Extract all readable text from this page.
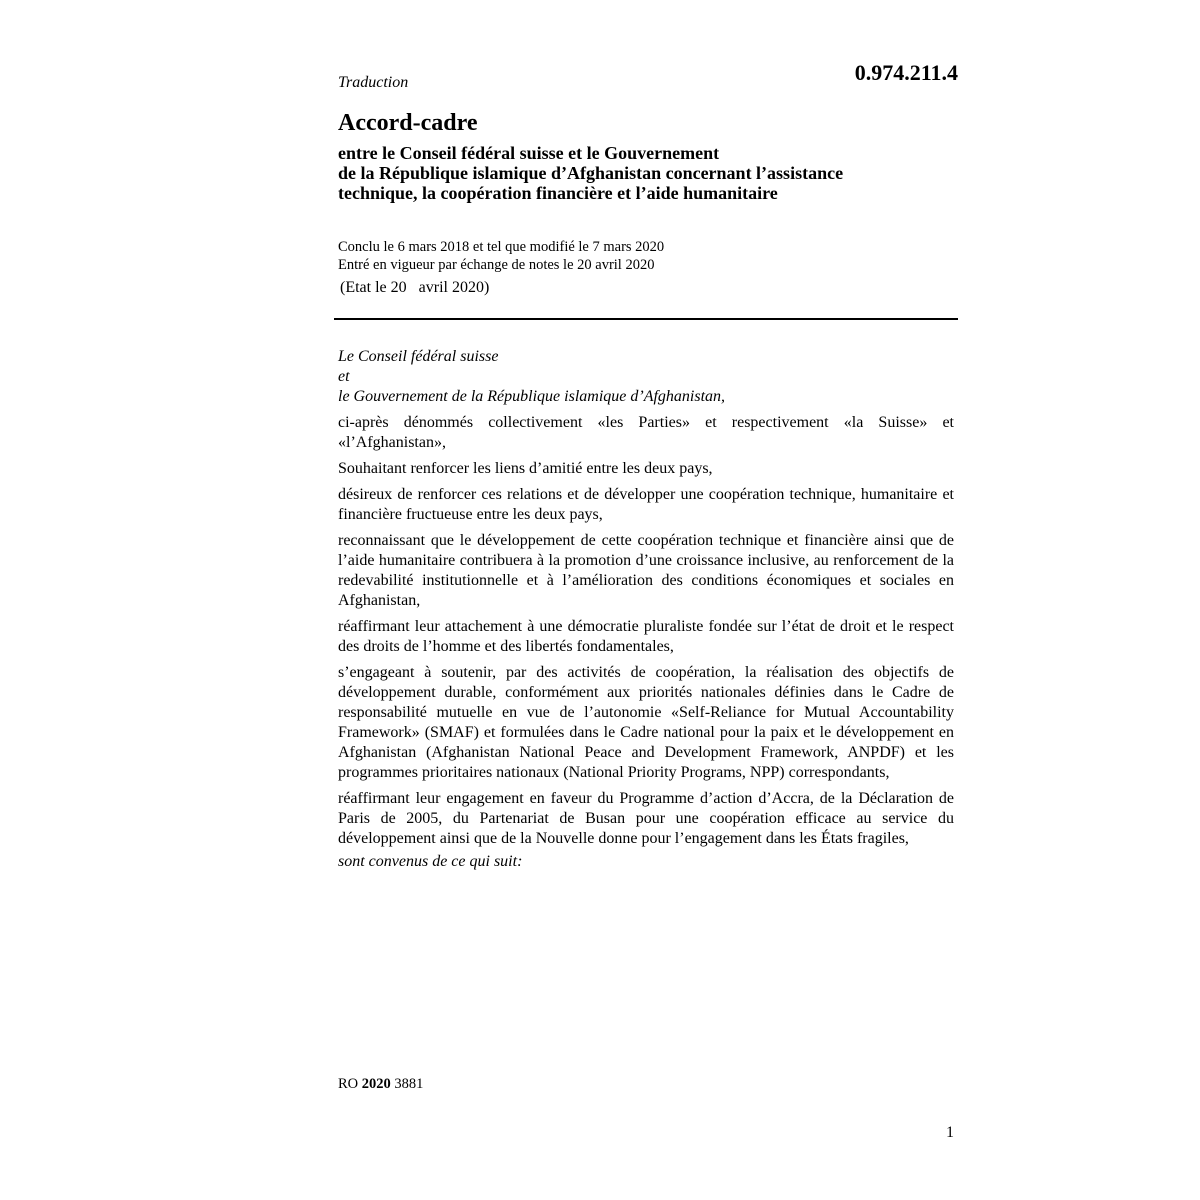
Traduction	0.974.211.4
Accord-cadre
entre le Conseil fédéral suisse et le Gouvernement
de la République islamique d’Afghanistan concernant l’assistance
technique, la coopération financière et l’aide humanitaire
Conclu le 6 mars 2018 et tel que modifié le 7 mars 2020
Entré en vigueur par échange de notes le 20 avril 2020
(Etat le 20   avril 2020)

Le Conseil fédéral suisse

et

le Gouvernement de la République islamique d’Afghanistan,

ci-après dénommés collectivement «les Parties» et respectivement «la Suisse» et «l’Afghanistan»,

Souhaitant renforcer les liens d’amitié entre les deux pays,

désireux de renforcer ces relations et de développer une coopération technique, humanitaire et financière fructueuse entre les deux pays,

reconnaissant que le développement de cette coopération technique et financière ainsi que de l’aide humanitaire contribuera à la promotion d’une croissance inclusive, au renforcement de la redevabilité institutionnelle et à l’amélioration des conditions économiques et sociales en Afghanistan,

réaffirmant leur attachement à une démocratie pluraliste fondée sur l’état de droit et le respect des droits de l’homme et des libertés fondamentales,

s’engageant à soutenir, par des activités de coopération, la réalisation des objectifs de développement durable, conformément aux priorités nationales définies dans le Cadre de responsabilité mutuelle en vue de l’autonomie «Self-Reliance for Mutual Accountability Framework» (SMAF) et formulées dans le Cadre national pour la paix et le développement en Afghanistan (Afghanistan National Peace and Development Framework, ANPDF) et les programmes prioritaires nationaux (National Priority Programs, NPP) correspondants,

réaffirmant leur engagement en faveur du Programme d’action d’Accra, de la Déclaration de Paris de 2005, du Partenariat de Busan pour une coopération efficace au service du développement ainsi que de la Nouvelle donne pour l’engagement dans les États fragiles,

sont convenus de ce qui suit:

RO 2020 3881
1
